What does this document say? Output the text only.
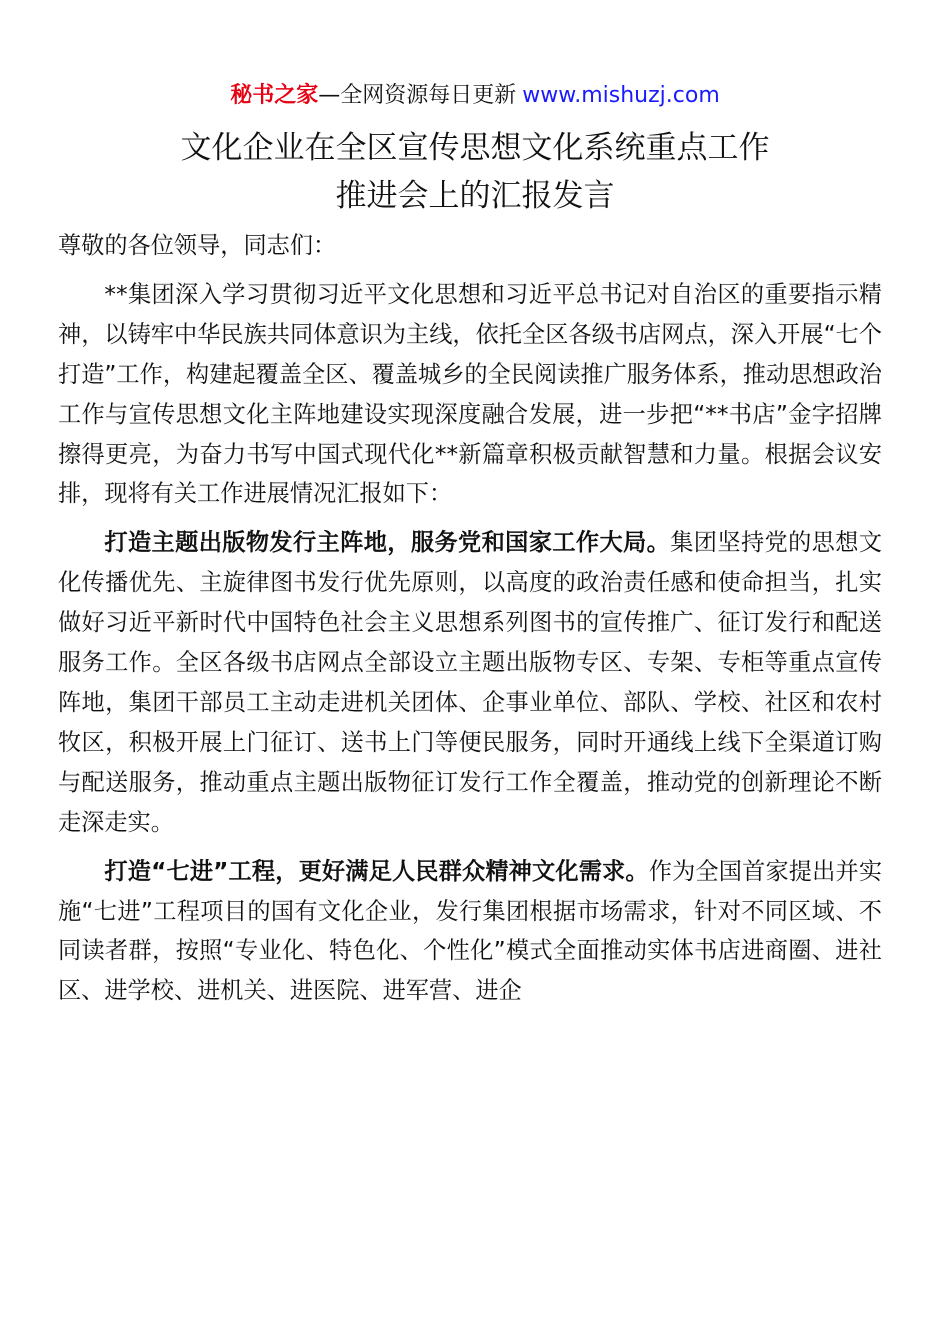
秘书之家—全网资源每日更新 www.mishuzj.com
文化企业在全区宣传思想文化系统重点工作
推进会上的汇报发言

尊敬的各位领导，同志们：

**集团深入学习贯彻习近平文化思想和习近平总书记对自治区的重要指示精神，以铸牢中华民族共同体意识为主线，依托全区各级书店网点，深入开展“七个打造”工作，构建起覆盖全区、覆盖城乡的全民阅读推广服务体系，推动思想政治工作与宣传思想文化主阵地建设实现深度融合发展，进一步把“**书店”金字招牌擦得更亮，为奋力书写中国式现代化**新篇章积极贡献智慧和力量。根据会议安排，现将有关工作进展情况汇报如下：

打造主题出版物发行主阵地，服务党和国家工作大局。集团坚持党的思想文化传播优先、主旋律图书发行优先原则，以高度的政治责任感和使命担当，扎实做好习近平新时代中国特色社会主义思想系列图书的宣传推广、征订发行和配送服务工作。全区各级书店网点全部设立主题出版物专区、专架、专柜等重点宣传阵地，集团干部员工主动走进机关团体、企事业单位、部队、学校、社区和农村牧区，积极开展上门征订、送书上门等便民服务，同时开通线上线下全渠道订购与配送服务，推动重点主题出版物征订发行工作全覆盖，推动党的创新理论不断走深走实。

打造“七进”工程，更好满足人民群众精神文化需求。作为全国首家提出并实施“七进”工程项目的国有文化企业，发行集团根据市场需求，针对不同区域、不同读者群，按照“专业化、特色化、个性化”模式全面推动实体书店进商圈、进社区、进学校、进机关、进医院、进军营、进企
